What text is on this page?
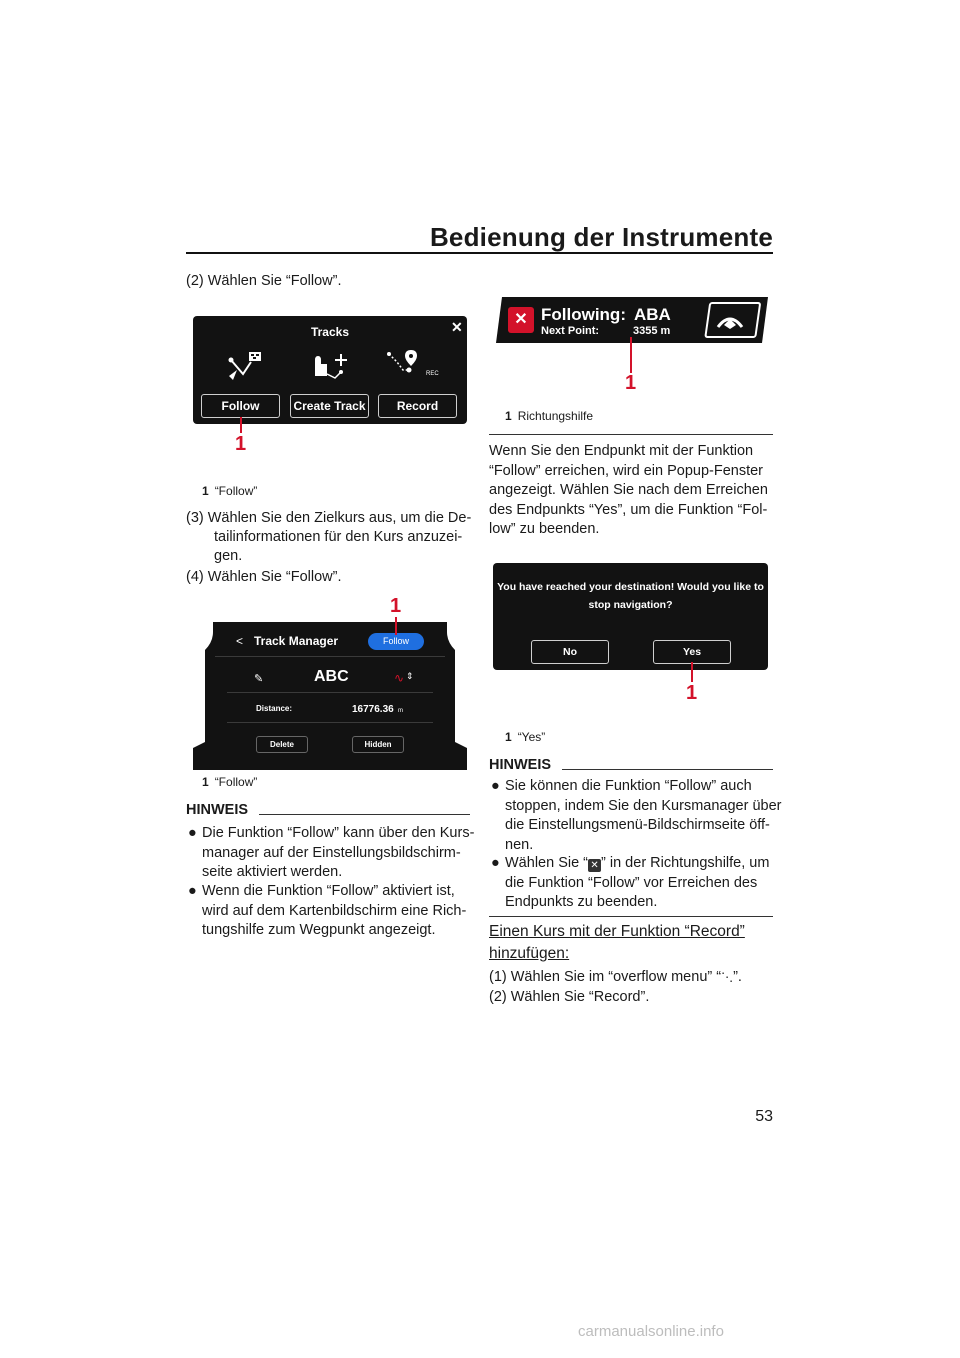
Bedienung der Instrumente
(2) Wählen Sie “Follow”.
Tracks	✕
REC
Follow	Create Track	Record
1
1 “Follow”
(3) Wählen Sie den Zielkurs aus, um die De-
tailinformationen für den Kurs anzuzei-
gen.
(4) Wählen Sie “Follow”.
< Track Manager	Follow
✎	ABC	∿ ⇕
Distance:	16776.36 m
Delete	Hidden
1
1 “Follow”
HINWEIS
● Die Funktion “Follow” kann über den Kurs-
manager auf der Einstellungsbildschirm-
seite aktiviert werden.
● Wenn die Funktion “Follow” aktiviert ist,
wird auf dem Kartenbildschirm eine Rich-
tungshilfe zum Wegpunkt angezeigt.
✕ Following: ABA
Next Point:	3355 m
1
1 Richtungshilfe
Wenn Sie den Endpunkt mit der Funktion
“Follow” erreichen, wird ein Popup-Fenster
angezeigt. Wählen Sie nach dem Erreichen
des Endpunkts “Yes”, um die Funktion “Fol-
low” zu beenden.
You have reached your destination! Would you like to
stop navigation?
No	Yes
1
1 “Yes”
HINWEIS
● Sie können die Funktion “Follow” auch
stoppen, indem Sie den Kursmanager über
die Einstellungsmenü-Bildschirmseite öff-
nen.
● Wählen Sie “ ✕ ” in der Richtungshilfe, um
die Funktion “Follow” vor Erreichen des
Endpunkts zu beenden.
Einen Kurs mit der Funktion “Record”
hinzufügen:
(1) Wählen Sie im “overflow menu” “⋱”.
(2) Wählen Sie “Record”.
53
carmanualsonline.info
